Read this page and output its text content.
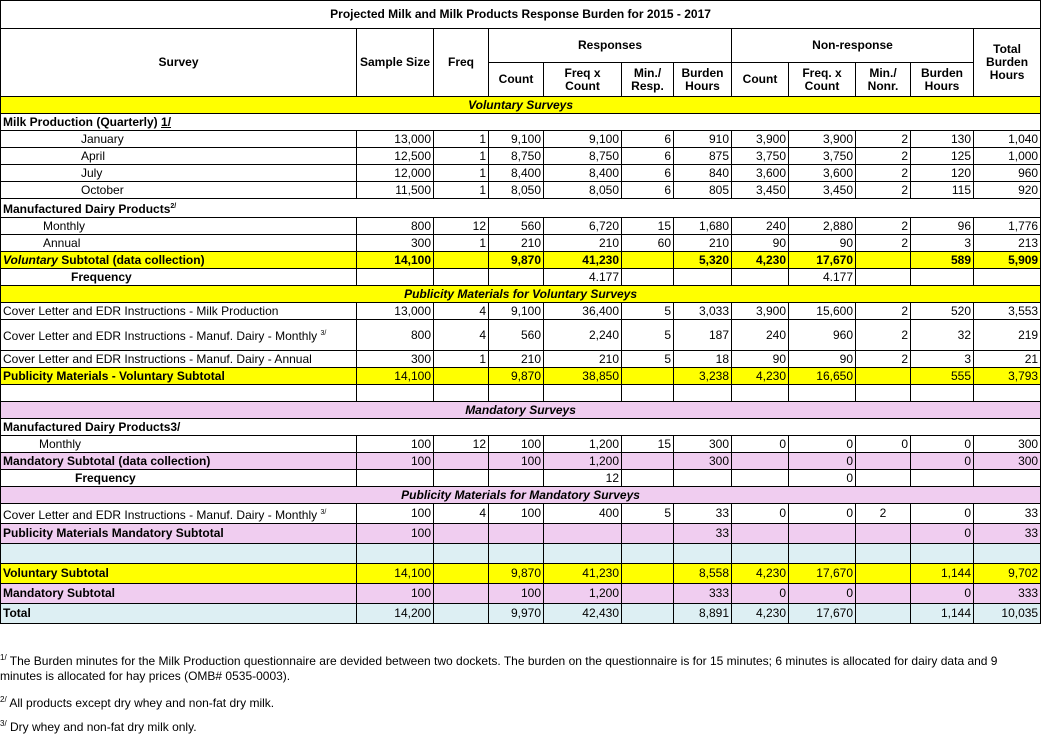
Projected Milk and Milk Products Response Burden for 2015 - 2017											
Survey	Sample Size	Freq	Responses				Non-response				Total Burden Hours
			Count	Freq x Count	Min./ Resp.	Burden Hours	Count	Freq. x Count	Min./ Nonr.	Burden Hours	
Voluntary Surveys											
Milk Production (Quarterly) 1/											
January	13,000	1	9,100	9,100	6	910	3,900	3,900	2	130	1,040
April	12,500	1	8,750	8,750	6	875	3,750	3,750	2	125	1,000
July	12,000	1	8,400	8,400	6	840	3,600	3,600	2	120	960
October	11,500	1	8,050	8,050	6	805	3,450	3,450	2	115	920
Manufactured Dairy Products$^{2/}$
Monthly	800	12	560	6,720	15	1,680	240	2,880	2	96	1,776
Annual	300	1	210	210	60	210	90	90	2	3	213
Voluntary Subtotal (data collection)	14,100		9,870	41,230		5,320	4,230	17,670		589	5,909
Frequency				4.177				4.177			
Publicity Materials for Voluntary Surveys											
Cover Letter and EDR Instructions - Milk Production	13,000	4	9,100	36,400	5	3,033	3,900	15,600	2	520	3,553
Cover Letter and EDR Instructions - Manuf. Dairy - Monthly $^{3/}$	800	4	560	2,240	5	187	240	960	2	32	219
Cover Letter and EDR Instructions - Manuf. Dairy - Annual	300	1	210	210	5	18	90	90	2	3	21
Publicity Materials - Voluntary Subtotal	14,100		9,870	38,850		3,238	4,230	16,650		555	3,793

Mandatory Surveys											
Manufactured Dairy Products3/											
Monthly	100	12	100	1,200	15	300	0	0	0	0	300
Mandatory Subtotal (data collection)	100		100	1,200		300		0		0	300
Frequency				12				0			
Publicity Materials for Mandatory Surveys											
Cover Letter and EDR Instructions - Manuf. Dairy - Monthly $^{3/}$	100	4	100	400	5	33	0	0	2	0	33
Publicity Materials Mandatory Subtotal	100					33				0	33

Voluntary Subtotal	14,100		9,870	41,230		8,558	4,230	17,670		1,144	9,702
Mandatory Subtotal	100		100	1,200		333	0	0		0	333
Total	14,200		9,970	42,430		8,891	4,230	17,670		1,144	10,035
$^{1/}$ The Burden minutes for the Milk Production questionnaire are devided between two dockets. The burden on the questionnaire is for 15 minutes; 6 minutes is allocated for dairy data and 9 minutes is allocated for hay prices (OMB# 0535-0003).
$^{2/}$ All products except dry whey and non-fat dry milk.
$^{3/}$ Dry whey and non-fat dry milk only.
